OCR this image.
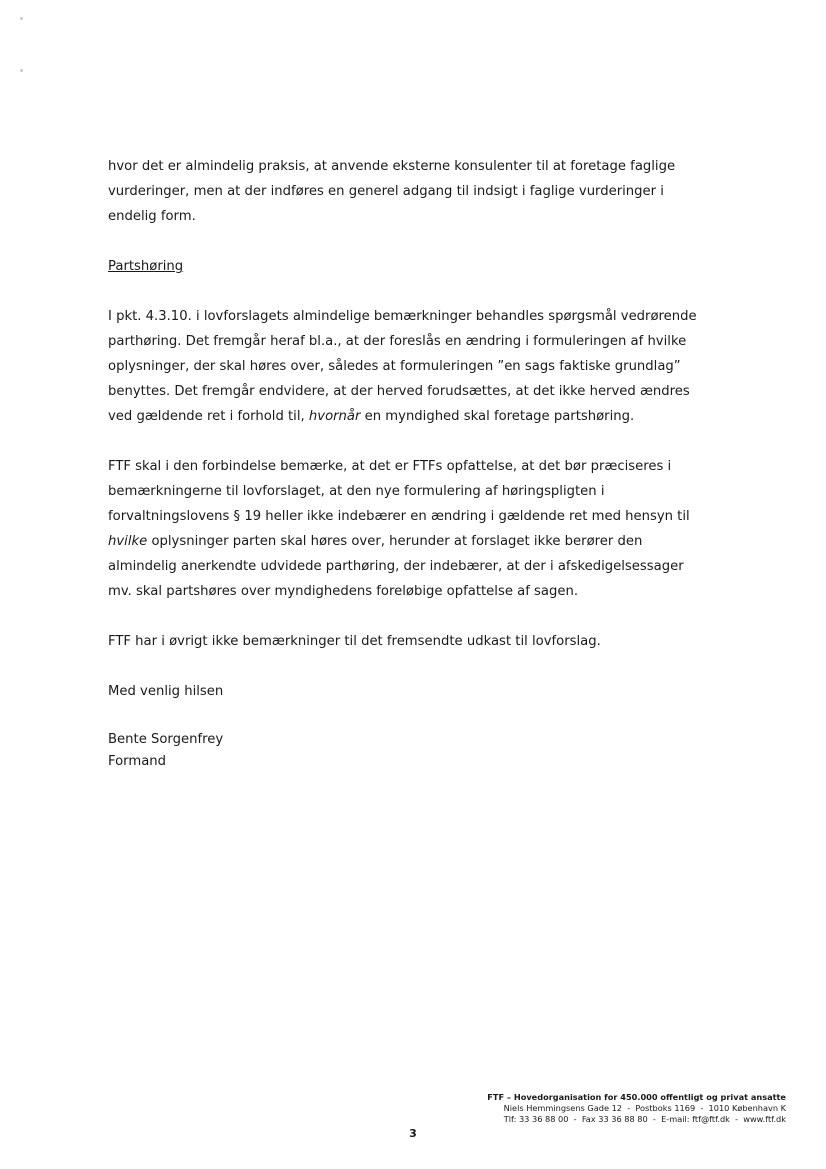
hvor det er almindelig praksis, at anvende eksterne konsulenter til at foretage faglige vurderinger, men at der indføres en generel adgang til indsigt i faglige vurderinger i endelig form.

Partshøring

I pkt. 4.3.10. i lovforslagets almindelige bemærkninger behandles spørgsmål vedrørende parthøring. Det fremgår heraf bl.a., at der foreslås en ændring i formuleringen af hvilke oplysninger, der skal høres over, således at formuleringen ”en sags faktiske grundlag” benyttes. Det fremgår endvidere, at der herved forudsættes, at det ikke herved ændres ved gældende ret i forhold til, hvornår en myndighed skal foretage partshøring.

FTF skal i den forbindelse bemærke, at det er FTFs opfattelse, at det bør præciseres i bemærkningerne til lovforslaget, at den nye formulering af høringspligten i forvaltningslovens § 19 heller ikke indebærer en ændring i gældende ret med hensyn til hvilke oplysninger parten skal høres over, herunder at forslaget ikke berører den almindelig anerkendte udvidede parthøring, der indebærer, at der i afskedigelsessager mv. skal partshøres over myndighedens foreløbige opfattelse af sagen.

FTF har i øvrigt ikke bemærkninger til det fremsendte udkast til lovforslag.

Med venlig hilsen

Bente Sorgenfrey
Formand
FTF – Hovedorganisation for 450.000 offentligt og privat ansatte
Niels Hemmingsens Gade 12  -  Postboks 1169  -  1010 København K
Tlf: 33 36 88 00  -  Fax 33 36 88 80  -  E-mail: ftf@ftf.dk  -  www.ftf.dk
3
